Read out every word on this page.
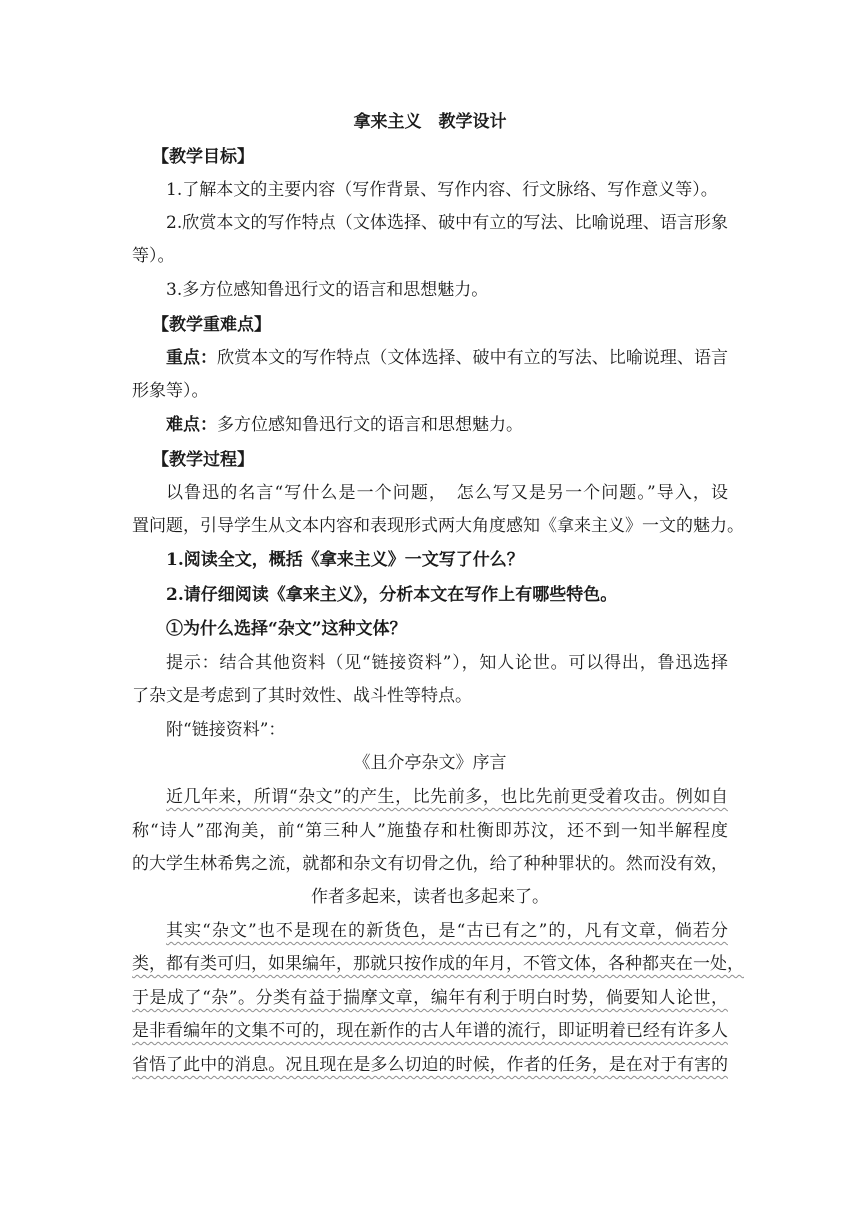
拿来主义　教学设计
【教学目标】
1.了解本文的主要内容（写作背景、写作内容、行文脉络、写作意义等）。
2.欣赏本文的写作特点（文体选择、破中有立的写法、比喻说理、语言形象
等）。
3.多方位感知鲁迅行文的语言和思想魅力。
【教学重难点】
重点：欣赏本文的写作特点（文体选择、破中有立的写法、比喻说理、语言
形象等）。
难点：多方位感知鲁迅行文的语言和思想魅力。
【教学过程】
以鲁迅的名言“写什么是一个问题，　怎么写又是另一个问题。”导入，设
置问题，引导学生从文本内容和表现形式两大角度感知《拿来主义》一文的魅力。
1.阅读全文，概括《拿来主义》一文写了什么？
2.请仔细阅读《拿来主义》，分析本文在写作上有哪些特色。
①为什么选择“杂文”这种文体？
提示：结合其他资料（见“链接资料”），知人论世。可以得出，鲁迅选择
了杂文是考虑到了其时效性、战斗性等特点。
附“链接资料”：
《且介亭杂文》序言
近几年来，所谓“杂文”的产生，比先前多，也比先前更受着攻击。例如自
称“诗人”邵洵美，前“第三种人”施蛰存和杜衡即苏汶，还不到一知半解程度
的大学生林希隽之流，就都和杂文有切骨之仇，给了种种罪状的。然而没有效，
作者多起来，读者也多起来了。
其实“杂文”也不是现在的新货色，是“古已有之”的，凡有文章，倘若分
类，都有类可归，如果编年，那就只按作成的年月，不管文体，各种都夹在一处，
于是成了“杂”。分类有益于揣摩文章，编年有利于明白时势，倘要知人论世，
是非看编年的文集不可的，现在新作的古人年谱的流行，即证明着已经有许多人
省悟了此中的消息。况且现在是多么切迫的时候，作者的任务，是在对于有害的
